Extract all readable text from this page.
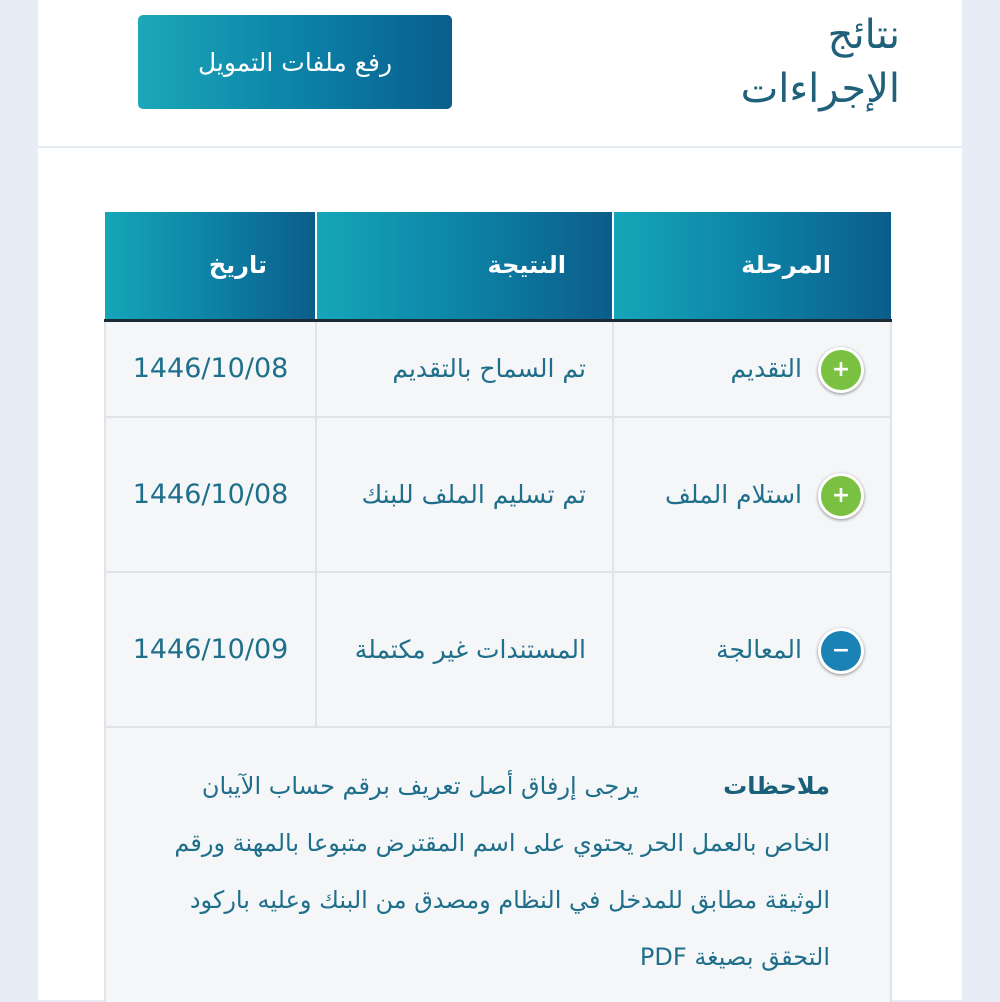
نتائج
الإجراءات
رفع ملفات التمويل
المرحلة	النتيجة	تاريخ

+
التقديم	تم السماح بالتقديم	1446/10/08

+
استلام الملف	تم تسليم الملف للبنك	1446/10/08

−
المعالجة	المستندات غير مكتملة	1446/10/09

ملاحظات
يرجى إرفاق أصل تعريف برقم حساب الآيبان الخاص بالعمل الحر يحتوي على اسم المقترض متبوعا بالمهنة ورقم الوثيقة مطابق للمدخل في النظام ومصدق من البنك وعليه باركود التحقق بصيغة PDF		
